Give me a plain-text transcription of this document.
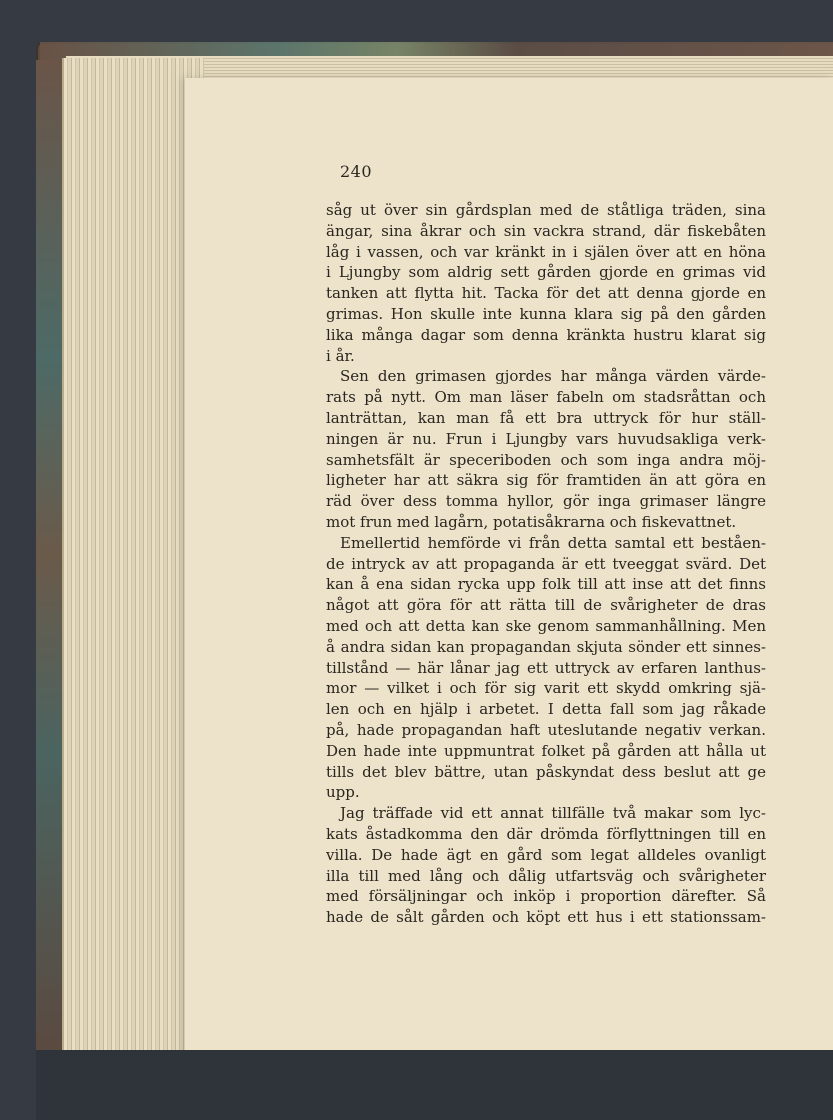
240
såg ut över sin gårdsplan med de ståtliga träden, sina
ängar, sina åkrar och sin vackra strand, där fiskebåten
låg i vassen, och var kränkt in i själen över att en höna
i Ljungby som aldrig sett gården gjorde en grimas vid
tanken att flytta hit. Tacka för det att denna gjorde en
grimas. Hon skulle inte kunna klara sig på den gården
lika många dagar som denna kränkta hustru klarat sig
i år.
Sen den grimasen gjordes har många värden värde-
rats på nytt. Om man läser fabeln om stadsråttan och
lanträttan, kan man få ett bra uttryck för hur ställ-
ningen är nu. Frun i Ljungby vars huvudsakliga verk-
samhetsfält är speceriboden och som inga andra möj-
ligheter har att säkra sig för framtiden än att göra en
räd över dess tomma hyllor, gör inga grimaser längre
mot frun med lagårn, potatisåkrarna och fiskevattnet.
Emellertid hemförde vi från detta samtal ett beståen-
de intryck av att propaganda är ett tveeggat svärd. Det
kan å ena sidan rycka upp folk till att inse att det finns
något att göra för att rätta till de svårigheter de dras
med och att detta kan ske genom sammanhållning. Men
å andra sidan kan propagandan skjuta sönder ett sinnes-
tillstånd — här lånar jag ett uttryck av erfaren lanthus-
mor — vilket i och för sig varit ett skydd omkring sjä-
len och en hjälp i arbetet. I detta fall som jag råkade
på, hade propagandan haft uteslutande negativ verkan.
Den hade inte uppmuntrat folket på gården att hålla ut
tills det blev bättre, utan påskyndat dess beslut att ge
upp.
Jag träffade vid ett annat tillfälle två makar som lyc-
kats åstadkomma den där drömda förflyttningen till en
villa. De hade ägt en gård som legat alldeles ovanligt
illa till med lång och dålig utfartsväg och svårigheter
med försäljningar och inköp i proportion därefter. Så
hade de sålt gården och köpt ett hus i ett stationssam-
